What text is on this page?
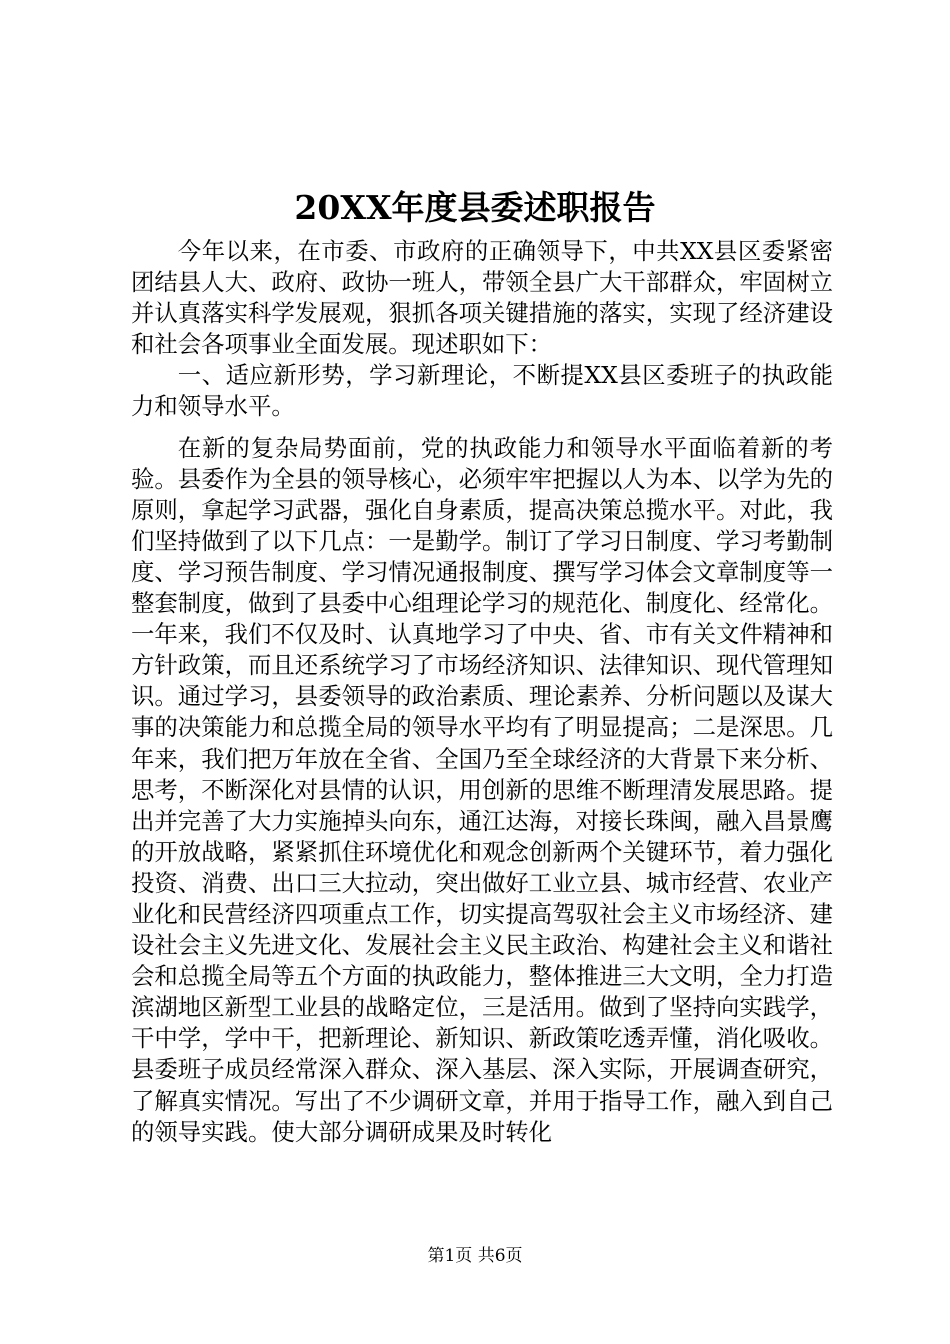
20XX年度县委述职报告

今年以来，在市委、市政府的正确领导下，中共XX县区委紧密团结县人大、政府、政协一班人，带领全县广大干部群众，牢固树立并认真落实科学发展观，狠抓各项关键措施的落实，实现了经济建设和社会各项事业全面发展。现述职如下：

一、适应新形势，学习新理论，不断提XX县区委班子的执政能力和领导水平。

在新的复杂局势面前，党的执政能力和领导水平面临着新的考验。县委作为全县的领导核心，必须牢牢把握以人为本、以学为先的原则，拿起学习武器，强化自身素质，提高决策总揽水平。对此，我们坚持做到了以下几点：一是勤学。制订了学习日制度、学习考勤制度、学习预告制度、学习情况通报制度、撰写学习体会文章制度等一整套制度，做到了县委中心组理论学习的规范化、制度化、经常化。一年来，我们不仅及时、认真地学习了中央、省、市有关文件精神和方针政策，而且还系统学习了市场经济知识、法律知识、现代管理知识。通过学习，县委领导的政治素质、理论素养、分析问题以及谋大事的决策能力和总揽全局的领导水平均有了明显提高；二是深思。几年来，我们把万年放在全省、全国乃至全球经济的大背景下来分析、思考，不断深化对县情的认识，用创新的思维不断理清发展思路。提出并完善了大力实施掉头向东，通江达海，对接长珠闽，融入昌景鹰的开放战略，紧紧抓住环境优化和观念创新两个关键环节，着力强化投资、消费、出口三大拉动，突出做好工业立县、城市经营、农业产业化和民营经济四项重点工作，切实提高驾驭社会主义市场经济、建设社会主义先进文化、发展社会主义民主政治、构建社会主义和谐社会和总揽全局等五个方面的执政能力，整体推进三大文明，全力打造滨湖地区新型工业县的战略定位，三是活用。做到了坚持向实践学，干中学，学中干，把新理论、新知识、新政策吃透弄懂，消化吸收。县委班子成员经常深入群众、深入基层、深入实际，开展调查研究，了解真实情况。写出了不少调研文章，并用于指导工作，融入到自己的领导实践。使大部分调研成果及时转化

第1页 共6页
